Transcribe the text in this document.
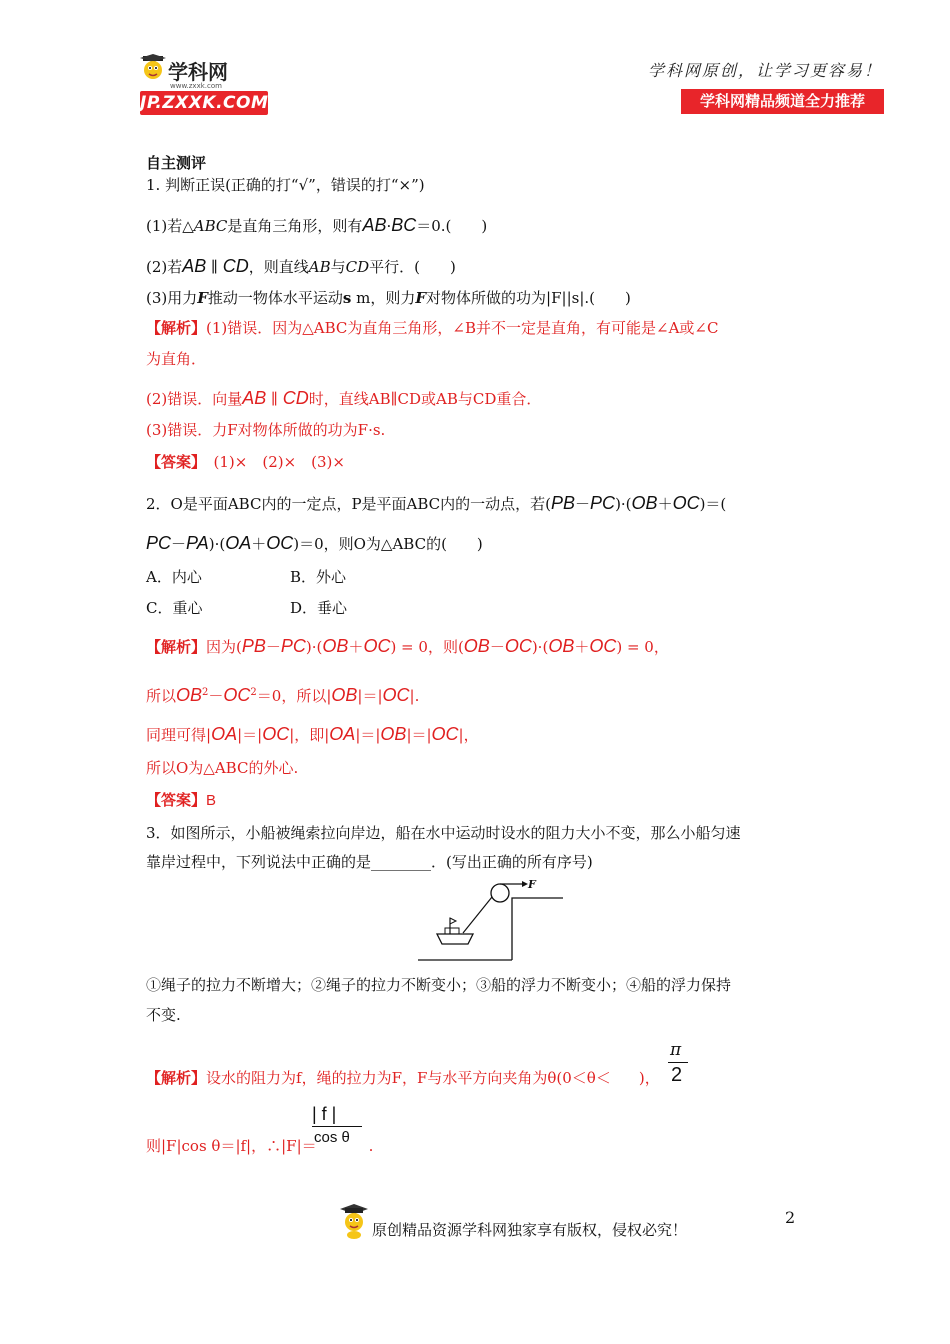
学科网
www.zxxk.com
JP.ZXXK.COM
学科网原创，让学习更容易！
学科网精品频道全力推荐
自主测评
1. 判断正误(正确的打“√”，错误的打“×”)
(1)若△ABC是直角三角形，则有AB·BC＝0.(　　)
(2)若AB ∥ CD，则直线AB与CD平行．(　　)
(3)用力F推动一物体水平运动s m，则力F对物体所做的功为|F||s|.(　　)
【解析】(1)错误．因为△ABC为直角三角形，∠B并不一定是直角，有可能是∠A或∠C
为直角．
(2)错误．向量AB ∥ CD时，直线AB∥CD或AB与CD重合．
(3)错误．力F对物体所做的功为F·s.
【答案】　 (1)×　(2)×　(3)×
2．O是平面ABC内的一定点，P是平面ABC内的一动点，若(PB－PC)·(OB＋OC)＝(
PC－PA)·(OA＋OC)＝0，则O为△ABC的(　　)
A．内心	B．外心
C．重心	D．垂心
【解析】因为(PB－PC)·(OB＋OC) = 0，则(OB－OC)·(OB＋OC) = 0，
所以$OB^2-OC^2=0$，所以|OB|＝|OC|.
同理可得|OA|＝|OC|，即|OA|＝|OB|＝|OC|，
所以O为△ABC的外心.
【答案】B
3．如图所示，小船被绳索拉向岸边，船在水中运动时设水的阻力大小不变，那么小船匀速
靠岸过程中，下列说法中正确的是________．(写出正确的所有序号)
F
①绳子的拉力不断增大；②绳子的拉力不断变小；③船的浮力不断变小；④船的浮力保持
不变.
【解析】设水的阻力为f，绳的拉力为F，F与水平方向夹角为θ(0＜θ＜ )，
π
2
则|F|cos θ＝|f|，∴|F|＝	.
| f |
cos θ
原创精品资源学科网独家享有版权，侵权必究！
2
